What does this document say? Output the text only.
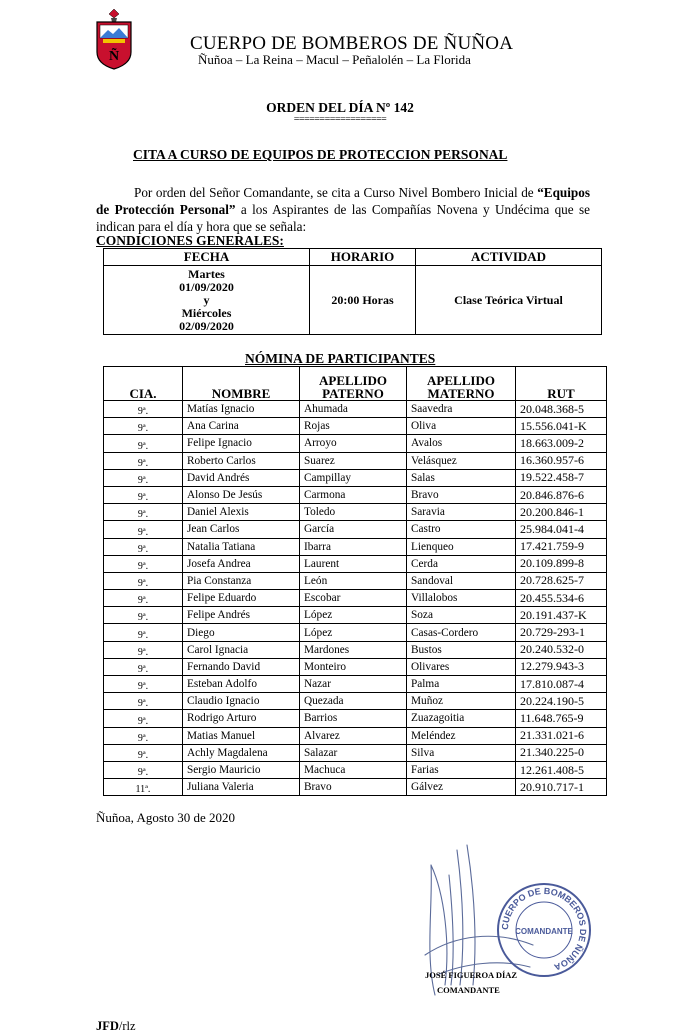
Ñ
CUERPO DE BOMBEROS DE ÑUÑOA
Ñuñoa – La Reina – Macul – Peñalolén – La Florida
ORDEN DEL DÍA Nº 142
==================
CITA A CURSO DE EQUIPOS DE PROTECCION PERSONAL
Por orden del Señor Comandante, se cita a Curso Nivel Bombero Inicial de “Equipos de Protección Personal” a los Aspirantes de las Compañías Novena y Undécima que se indican para el día y hora que se señala:
CONDICIONES GENERALES:
FECHA	HORARIO	ACTIVIDAD

Martes
01/09/2020
y
Miércoles
02/09/2020	20:00 Horas	Clase Teórica Virtual
NÓMINA DE PARTICIPANTES
CIA.	NOMBRE	APELLIDO PATERNO	APELLIDO MATERNO	RUT
9ª.	Matías Ignacio	Ahumada	Saavedra	20.048.368-5
9ª.	Ana Carina	Rojas	Oliva	15.556.041-K
9ª.	Felipe Ignacio	Arroyo	Avalos	18.663.009-2
9ª.	Roberto Carlos	Suarez	Velásquez	16.360.957-6
9ª.	David Andrés	Campillay	Salas	19.522.458-7
9ª.	Alonso De Jesús	Carmona	Bravo	20.846.876-6
9ª.	Daniel Alexis	Toledo	Saravia	20.200.846-1
9ª.	Jean Carlos	García	Castro	25.984.041-4
9ª.	Natalia Tatiana	Ibarra	Lienqueo	17.421.759-9
9ª.	Josefa Andrea	Laurent	Cerda	20.109.899-8
9ª.	Pia Constanza	León	Sandoval	20.728.625-7
9ª.	Felipe Eduardo	Escobar	Villalobos	20.455.534-6
9ª.	Felipe Andrés	López	Soza	20.191.437-K
9ª.	Diego	López	Casas-Cordero	20.729-293-1
9ª.	Carol Ignacia	Mardones	Bustos	20.240.532-0
9ª.	Fernando David	Monteiro	Olivares	12.279.943-3
9ª.	Esteban Adolfo	Nazar	Palma	17.810.087-4
9ª.	Claudio Ignacio	Quezada	Muñoz	20.224.190-5
9ª.	Rodrigo Arturo	Barrios	Zuazagoitia	11.648.765-9
9ª.	Matias Manuel	Alvarez	Meléndez	21.331.021-6
9ª.	Achly Magdalena	Salazar	Silva	21.340.225-0
9ª.	Sergio Mauricio	Machuca	Farias	12.261.408-5
11ª.	Juliana Valeria	Bravo	Gálvez	20.910.717-1
Ñuñoa, Agosto 30 de 2020
CUERPO DE BOMBEROS DE ÑUÑOA
COMANDANTE
JOSÉ FIGUEROA DÍAZ
COMANDANTE
JFD/rlz
